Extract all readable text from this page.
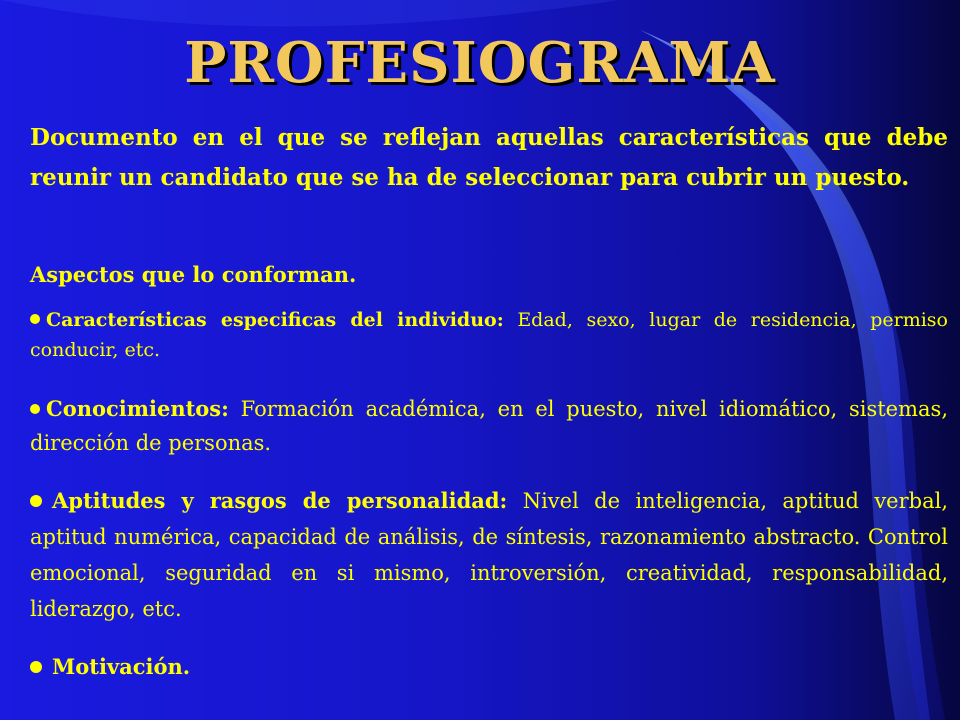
PROFESIOGRAMA

Documento en el que se reflejan aquellas características que debe reunir un candidato que se ha de seleccionar para cubrir un puesto.

Aspectos que lo conforman.

Características especificas del individuo: Edad, sexo, lugar de residencia, permiso conducir, etc.

Conocimientos: Formación académica, en el puesto, nivel idiomático, sistemas, dirección de personas.

Aptitudes y rasgos de personalidad: Nivel de inteligencia, aptitud verbal, aptitud numérica, capacidad de análisis, de síntesis, razonamiento abstracto. Control emocional, seguridad en si mismo, introversión, creatividad, responsabilidad, liderazgo, etc.

Motivación.
